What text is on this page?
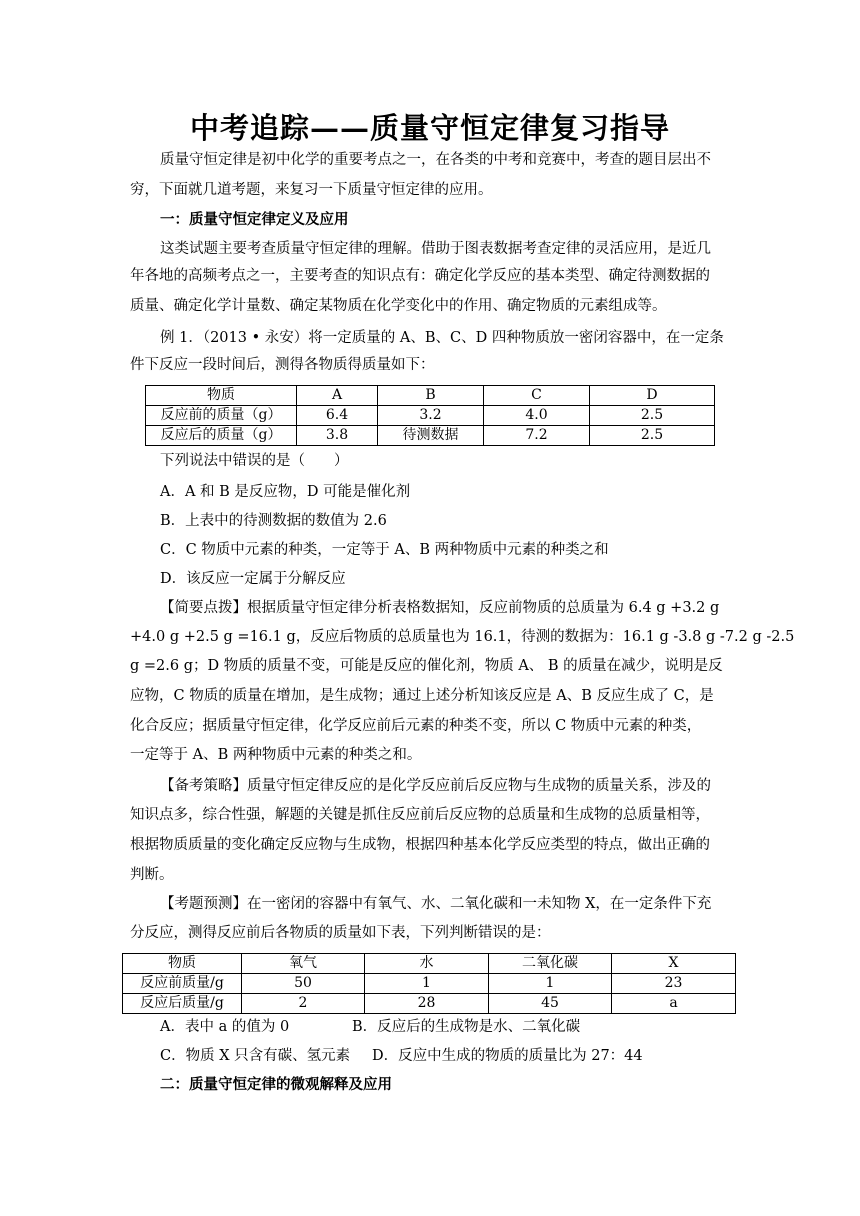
中考追踪——质量守恒定律复习指导
质量守恒定律是初中化学的重要考点之一，在各类的中考和竞赛中，考查的题目层出不
穷，下面就几道考题，来复习一下质量守恒定律的应用。
一：质量守恒定律定义及应用
这类试题主要考查质量守恒定律的理解。借助于图表数据考查定律的灵活应用，是近几
年各地的高频考点之一，主要考查的知识点有：确定化学反应的基本类型、确定待测数据的
质量、确定化学计量数、确定某物质在化学变化中的作用、确定物质的元素组成等。
例 1．（2013 • 永安）将一定质量的 A、B、C、D 四种物质放一密闭容器中，在一定条
件下反应一段时间后，测得各物质得质量如下：
物质	A	B	C	D
反应前的质量（g）	6.4	3.2	4.0	2.5
反应后的质量（g）	3.8	待测数据	7.2	2.5
下列说法中错误的是（　　）
A．A 和 B 是反应物，D 可能是催化剂
B．上表中的待测数据的数值为 2.6
C．C 物质中元素的种类，一定等于 A、B 两种物质中元素的种类之和
D．该反应一定属于分解反应
【简要点拨】根据质量守恒定律分析表格数据知，反应前物质的总质量为 6.4 g +3.2 g
+4.0 g +2.5 g =16.1 g，反应后物质的总质量也为 16.1，待测的数据为：16.1 g -3.8 g -7.2 g -2.5
g =2.6 g；D 物质的质量不变，可能是反应的催化剂，物质 A、 B 的质量在减少，说明是反
应物，C 物质的质量在增加，是生成物；通过上述分析知该反应是 A、B 反应生成了 C，是
化合反应；据质量守恒定律，化学反应前后元素的种类不变，所以 C 物质中元素的种类，
一定等于 A、B 两种物质中元素的种类之和。
【备考策略】质量守恒定律反应的是化学反应前后反应物与生成物的质量关系，涉及的
知识点多，综合性强，解题的关键是抓住反应前后反应物的总质量和生成物的总质量相等，
根据物质质量的变化确定反应物与生成物，根据四种基本化学反应类型的特点，做出正确的
判断。
【考题预测】在一密闭的容器中有氧气、水、二氧化碳和一未知物 X，在一定条件下充
分反应，测得反应前后各物质的质量如下表，下列判断错误的是：
物质	氧气	水	二氧化碳	X
反应前质量/g	50	1	1	23
反应后质量/g	2	28	45	a
A．表中 a 的值为 0	B．反应后的生成物是水、二氧化碳
C．物质 X 只含有碳、氢元素	D．反应中生成的物质的质量比为 27：44
二：质量守恒定律的微观解释及应用
